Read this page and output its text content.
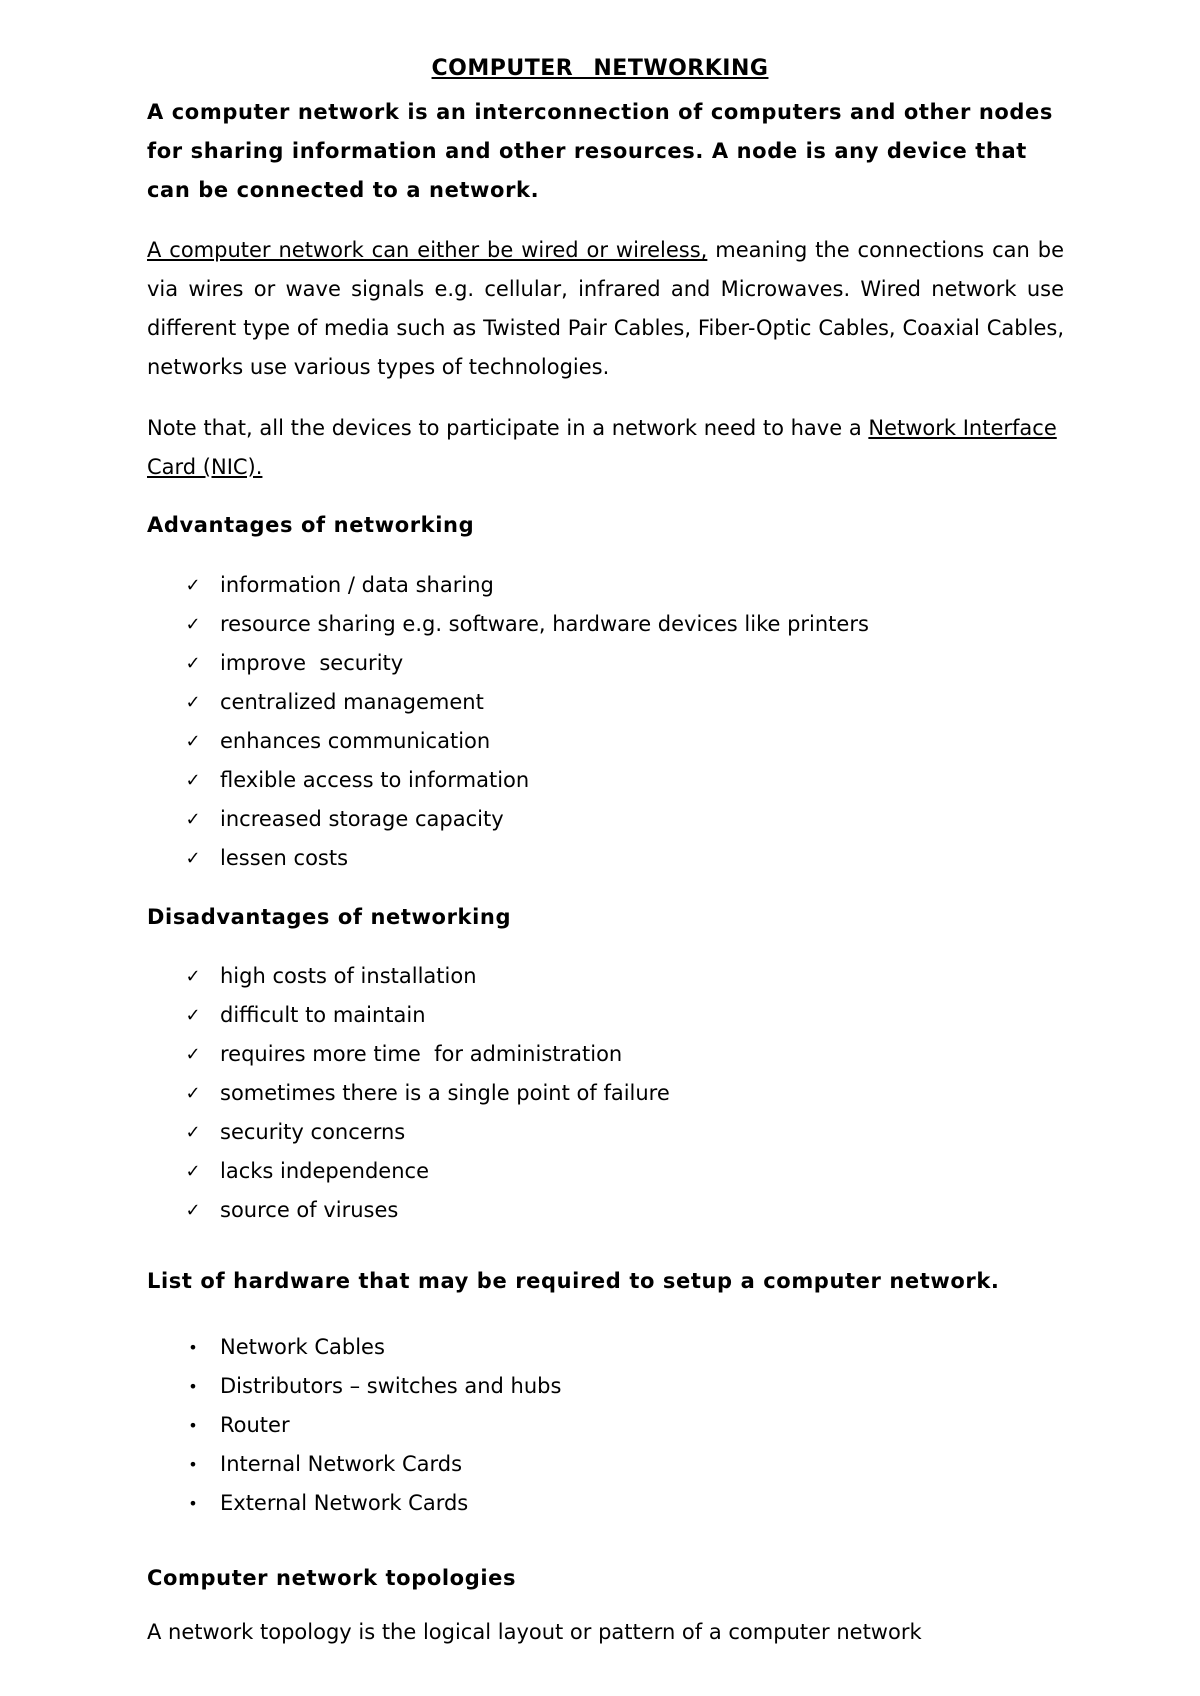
COMPUTER NETWORKING
A computer network is an interconnection of computers and other nodes for sharing information and other resources. A node is any device that can be connected to a network.
A computer network can either be wired or wireless, meaning the connections can be via wires or wave signals e.g. cellular, infrared and Microwaves. Wired network use different type of media such as Twisted Pair Cables, Fiber-Optic Cables, Coaxial Cables, networks use various types of technologies.
Note that, all the devices to participate in a network need to have a Network Interface Card (NIC).
Advantages of networking
✓ information / data sharing
✓ resource sharing e.g. software, hardware devices like printers
✓ improve  security
✓ centralized management
✓ enhances communication
✓ flexible access to information
✓ increased storage capacity
✓ lessen costs
Disadvantages of networking
✓ high costs of installation
✓ difficult to maintain
✓ requires more time  for administration
✓ sometimes there is a single point of failure
✓ security concerns
✓ lacks independence
✓ source of viruses
List of hardware that may be required to setup a computer network.
• Network Cables
• Distributors – switches and hubs
• Router
• Internal Network Cards
• External Network Cards
Computer network topologies
A network topology is the logical layout or pattern of a computer network
